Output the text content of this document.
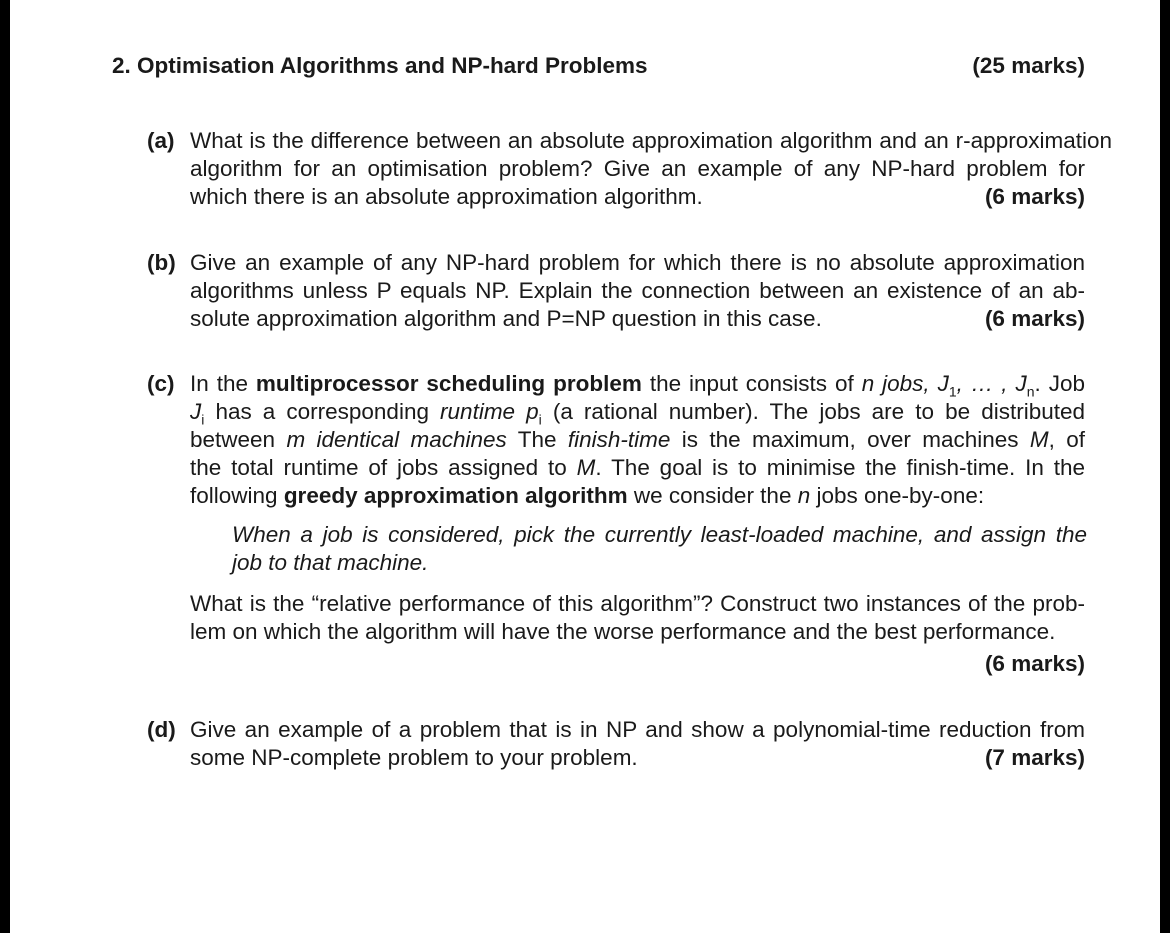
2. Optimisation Algorithms and NP-hard Problems	(25 marks)
(a) What is the difference between an absolute approximation algorithm and an r-approximation
algorithm for an optimisation problem? Give an example of any NP-hard problem for
which there is an absolute approximation algorithm.	(6 marks)
(b) Give an example of any NP-hard problem for which there is no absolute approximation
algorithms unless P equals NP. Explain the connection between an existence of an ab-
solute approximation algorithm and P=NP question in this case.	(6 marks)
(c) In the multiprocessor scheduling problem the input consists of n jobs, $J_1$, … , $J_n$. Job
$J_i$ has a corresponding runtime $p_i$ (a rational number). The jobs are to be distributed
between m identical machines The finish-time is the maximum, over machines M, of
the total runtime of jobs assigned to M. The goal is to minimise the finish-time. In the
following greedy approximation algorithm we consider the n jobs one-by-one:
When a job is considered, pick the currently least-loaded machine, and assign the
job to that machine.
What is the “relative performance of this algorithm”? Construct two instances of the prob-
lem on which the algorithm will have the worse performance and the best performance.
(6 marks)
(d) Give an example of a problem that is in NP and show a polynomial-time reduction from
some NP-complete problem to your problem.	(7 marks)
